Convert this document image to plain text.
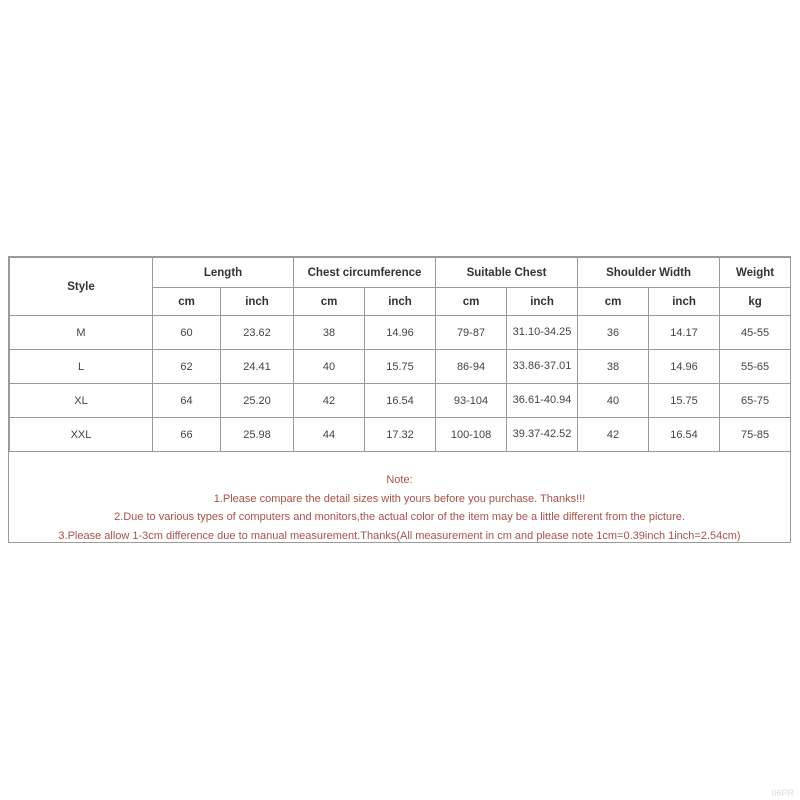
Style	Length		Chest circumference		Suitable Chest		Shoulder Width		Weight
	cm	inch	cm	inch	cm	inch	cm	inch	kg
M	60	23.62	38	14.96	79-87	31.10-34.25	36	14.17	45-55
L	62	24.41	40	15.75	86-94	33.86-37.01	38	14.96	55-65
XL	64	25.20	42	16.54	93-104	36.61-40.94	40	15.75	65-75
XXL	66	25.98	44	17.32	100-108	39.37-42.52	42	16.54	75-85
Note:
1.Please compare the detail sizes with yours before you purchase. Thanks!!!
2.Due to various types of computers and monitors,the actual color of the item may be a little different from the picture.
3.Please allow 1-3cm difference due to manual measurement.Thanks(All measurement in cm and please note 1cm=0.39inch 1inch=2.54cm)
06PR
